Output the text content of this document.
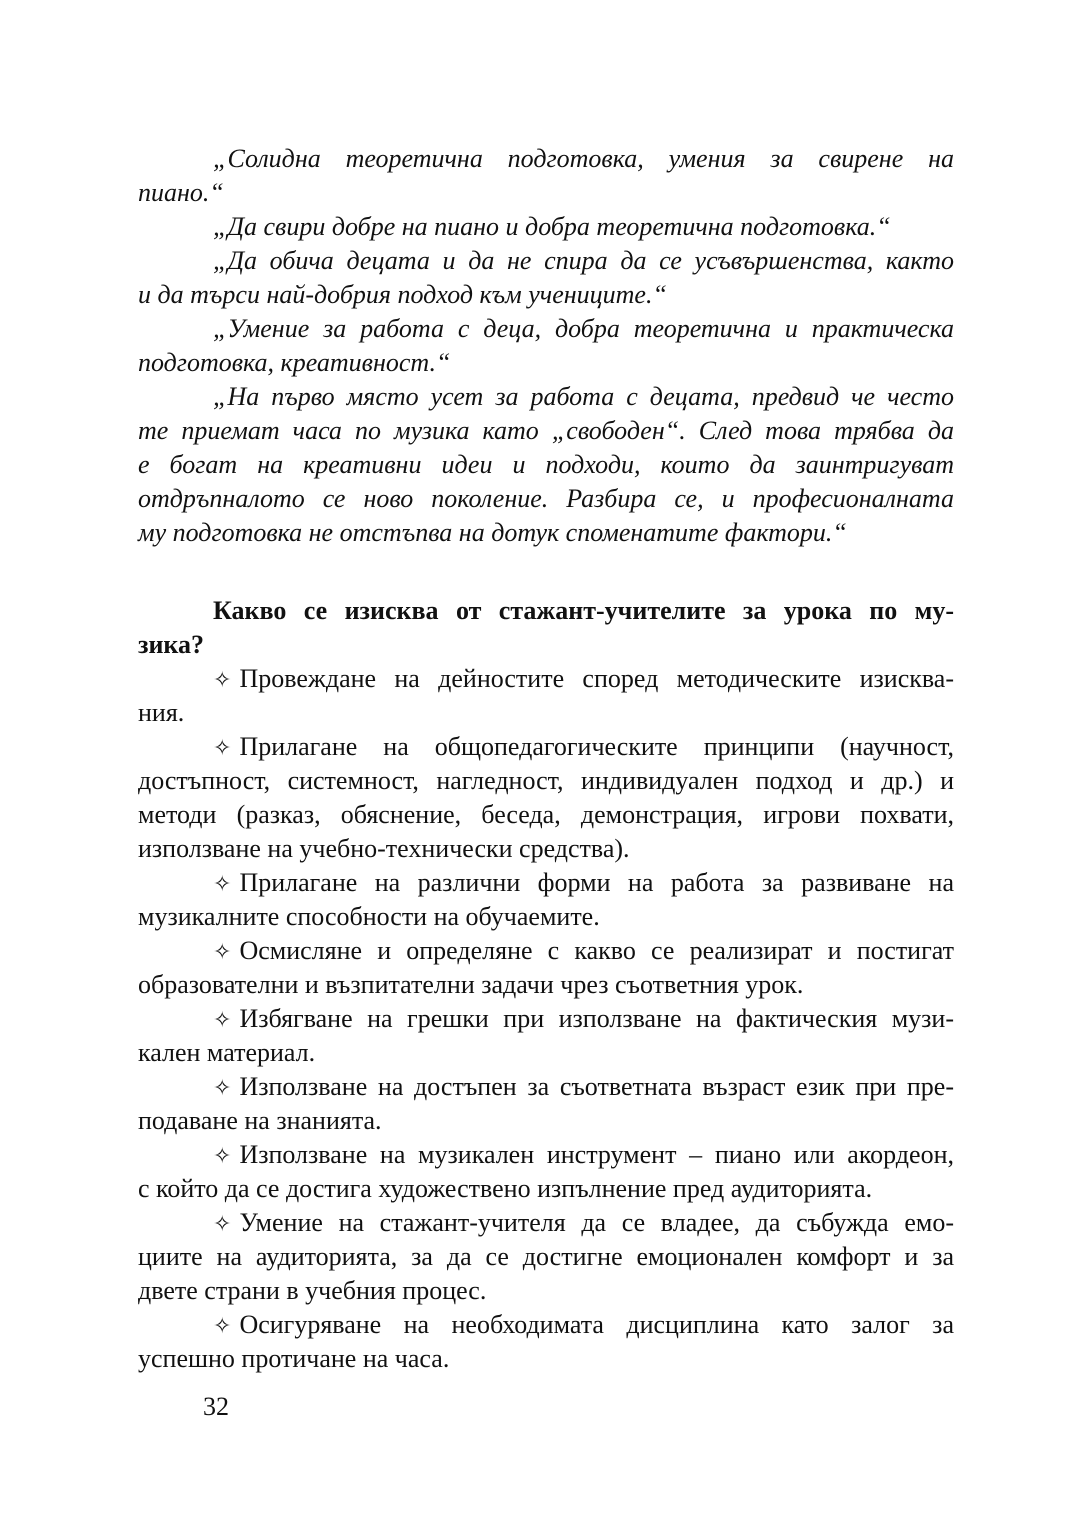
„Солидна теоретична подготовка, умения за свирене на
пиано.“
„Да свири добре на пиано и добра теоретична подготовка.“
„Да обича децата и да не спира да се усъвършенства, както
и да търси най-добрия подход към учениците.“
„Умение за работа с деца, добра теоретична и практическа
подготовка, креативност.“
„На първо място усет за работа с децата, предвид че често
те приемат часа по музика като „свободен“. След това трябва да
е богат на креативни идеи и подходи, които да заинтригуват
отдръпналото се ново поколение. Разбира се, и професионалната
му подготовка не отстъпва на дотук споменатите фактори.“
Какво се изисква от стажант-учителите за урока по му-
зика?
✧ Провеждане на дейностите според методическите изисква-
ния.
✧ Прилагане на общопедагогическите принципи (научност,
достъпност, системност, нагледност, индивидуален подход и др.) и
методи (разказ, обяснение, беседа, демонстрация, игрови похвати,
използване на учебно-технически средства).
✧ Прилагане на различни форми на работа за развиване на
музикалните способности на обучаемите.
✧ Осмисляне и определяне с какво се реализират и постигат
образователни и възпитателни задачи чрез съответния урок.
✧ Избягване на грешки при използване на фактическия музи-
кален материал.
✧ Използване на достъпен за съответната възраст език при пре-
подаване на знанията.
✧ Използване на музикален инструмент – пиано или акордеон,
с който да се достига художествено изпълнение пред аудиторията.
✧ Умение на стажант-учителя да се владее, да събужда емо-
циите на аудиторията, за да се достигне емоционален комфорт и за
двете страни в учебния процес.
✧ Осигуряване на необходимата дисциплина като залог за
успешно протичане на часа.
32
